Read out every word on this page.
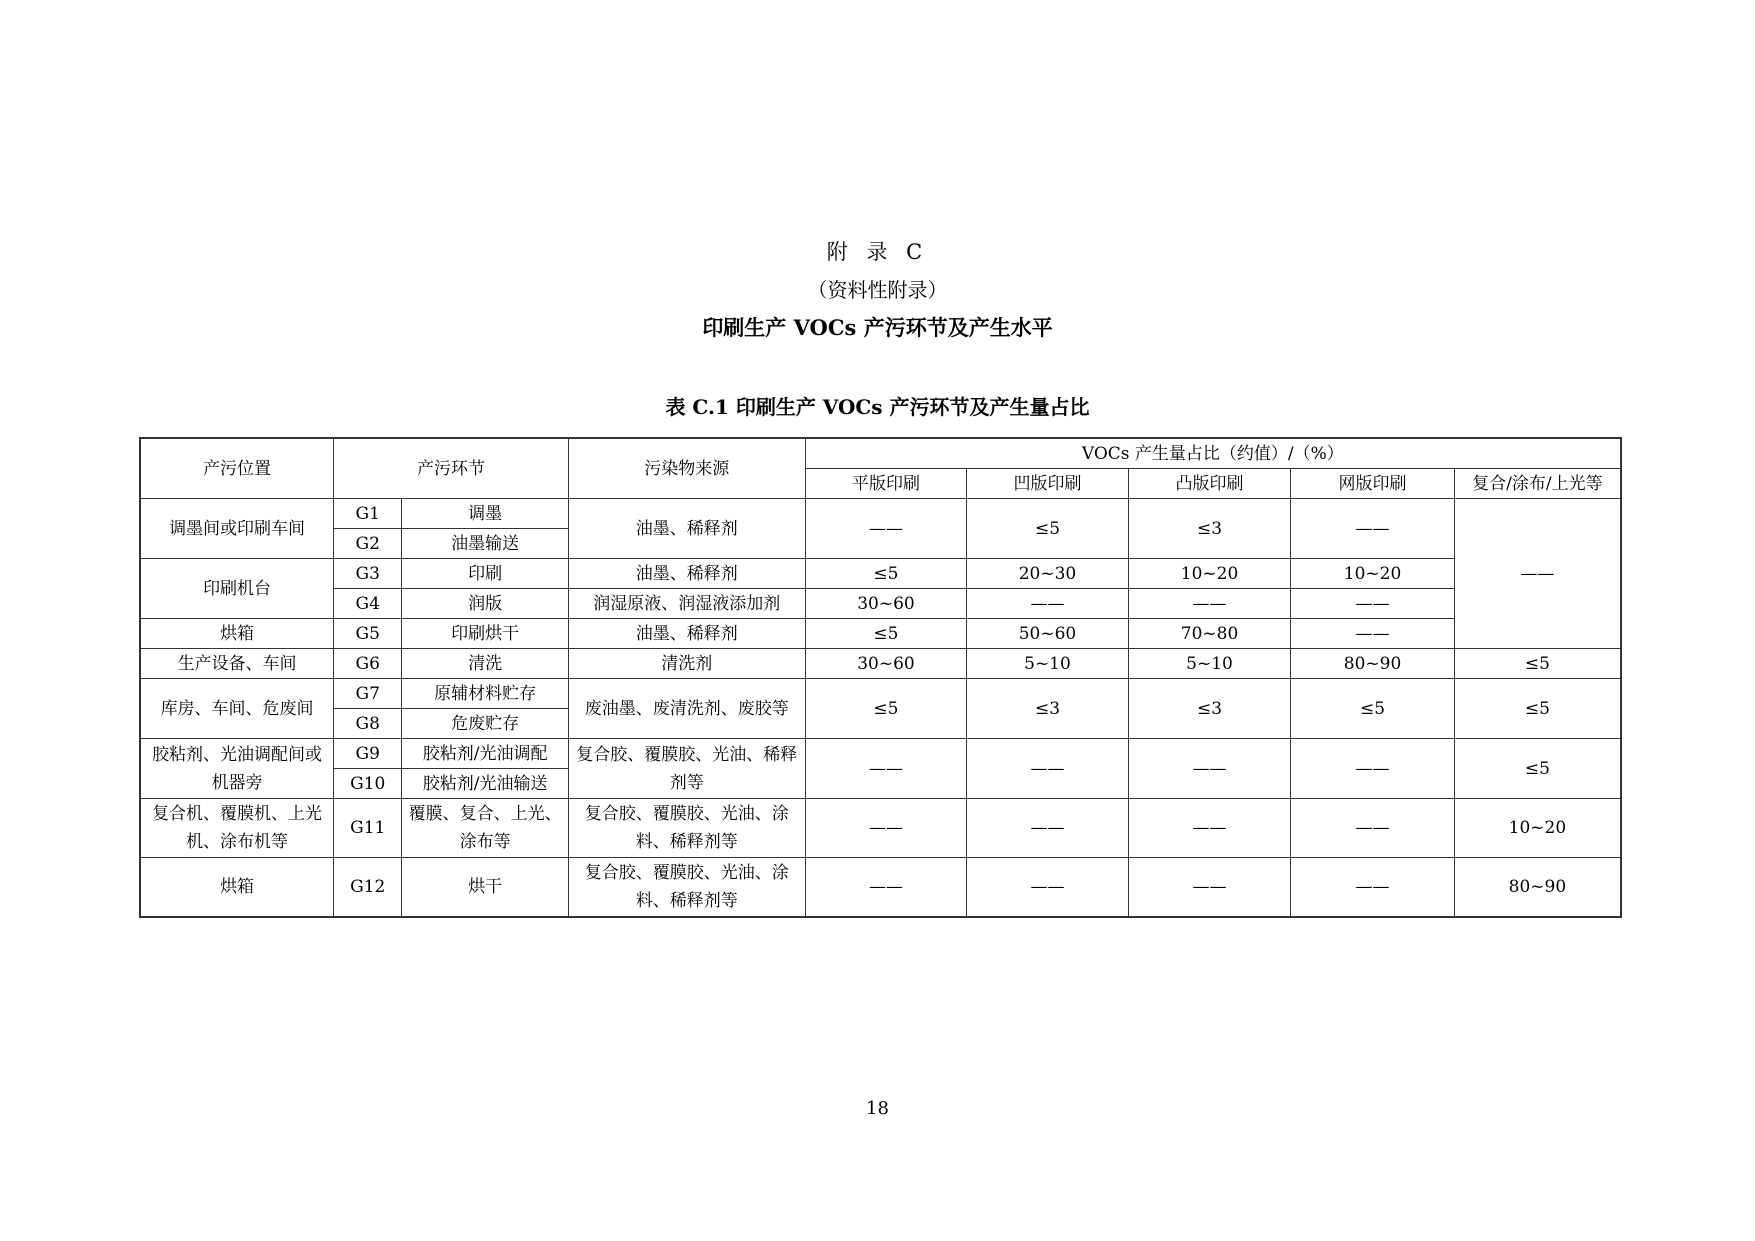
附 录 C
（资料性附录）
印刷生产 VOCs 产污环节及产生水平
表 C.1 印刷生产 VOCs 产污环节及产生量占比
产污位置	产污环节		污染物来源	VOCs 产生量占比（约值）/（%）				
				平版印刷	凹版印刷	凸版印刷	网版印刷	复合/涂布/上光等
调墨间或印刷车间	G1	调墨	油墨、稀释剂	——	≤5	≤3	——	——
	G2	油墨输送						
印刷机台	G3	印刷	油墨、稀释剂	≤5	20~30	10~20	10~20	
	G4	润版	润湿原液、润湿液添加剂	30~60	——	——	——	
烘箱	G5	印刷烘干	油墨、稀释剂	≤5	50~60	70~80	——	
生产设备、车间	G6	清洗	清洗剂	30~60	5~10	5~10	80~90	≤5
库房、车间、危废间	G7	原辅材料贮存	废油墨、废清洗剂、废胶等	≤5	≤3	≤3	≤5	≤5
	G8	危废贮存						
胶粘剂、光油调配间或机器旁	G9	胶粘剂/光油调配	复合胶、覆膜胶、光油、稀释剂等	——	——	——	——	≤5
	G10	胶粘剂/光油输送						
复合机、覆膜机、上光机、涂布机等	G11	覆膜、复合、上光、涂布等	复合胶、覆膜胶、光油、涂料、稀释剂等	——	——	——	——	10~20
烘箱	G12	烘干	复合胶、覆膜胶、光油、涂料、稀释剂等	——	——	——	——	80~90
18
